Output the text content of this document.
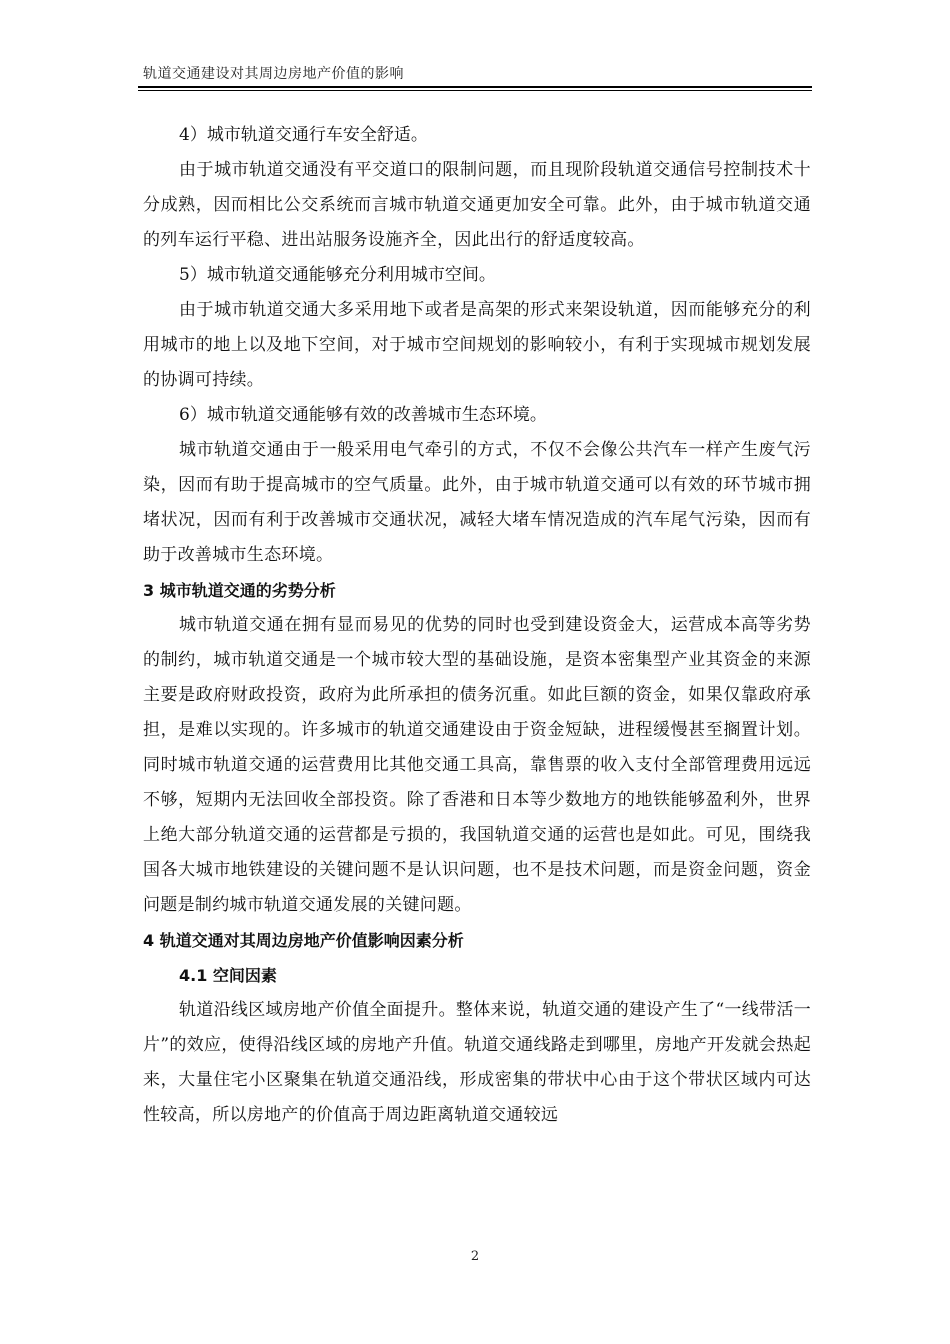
轨道交通建设对其周边房地产价值的影响

4）城市轨道交通行车安全舒适。

由于城市轨道交通没有平交道口的限制问题，而且现阶段轨道交通信号控制技术十分成熟，因而相比公交系统而言城市轨道交通更加安全可靠。此外，由于城市轨道交通的列车运行平稳、进出站服务设施齐全，因此出行的舒适度较高。

5）城市轨道交通能够充分利用城市空间。

由于城市轨道交通大多采用地下或者是高架的形式来架设轨道，因而能够充分的利用城市的地上以及地下空间，对于城市空间规划的影响较小，有利于实现城市规划发展的协调可持续。

6）城市轨道交通能够有效的改善城市生态环境。

城市轨道交通由于一般采用电气牵引的方式，不仅不会像公共汽车一样产生废气污染，因而有助于提高城市的空气质量。此外，由于城市轨道交通可以有效的环节城市拥堵状况，因而有利于改善城市交通状况，减轻大堵车情况造成的汽车尾气污染，因而有助于改善城市生态环境。

3 城市轨道交通的劣势分析

城市轨道交通在拥有显而易见的优势的同时也受到建设资金大，运营成本高等劣势的制约，城市轨道交通是一个城市较大型的基础设施，是资本密集型产业其资金的来源主要是政府财政投资，政府为此所承担的债务沉重。如此巨额的资金，如果仅靠政府承担，是难以实现的。许多城市的轨道交通建设由于资金短缺，进程缓慢甚至搁置计划。同时城市轨道交通的运营费用比其他交通工具高，靠售票的收入支付全部管理费用远远不够，短期内无法回收全部投资。除了香港和日本等少数地方的地铁能够盈利外，世界上绝大部分轨道交通的运营都是亏损的，我国轨道交通的运营也是如此。可见，围绕我国各大城市地铁建设的关键问题不是认识问题，也不是技术问题，而是资金问题，资金问题是制约城市轨道交通发展的关键问题。

4 轨道交通对其周边房地产价值影响因素分析

4.1 空间因素

轨道沿线区域房地产价值全面提升。整体来说，轨道交通的建设产生了“一线带活一片”的效应，使得沿线区域的房地产升值。轨道交通线路走到哪里，房地产开发就会热起来，大量住宅小区聚集在轨道交通沿线，形成密集的带状中心由于这个带状区域内可达性较高，所以房地产的价值高于周边距离轨道交通较远

2
